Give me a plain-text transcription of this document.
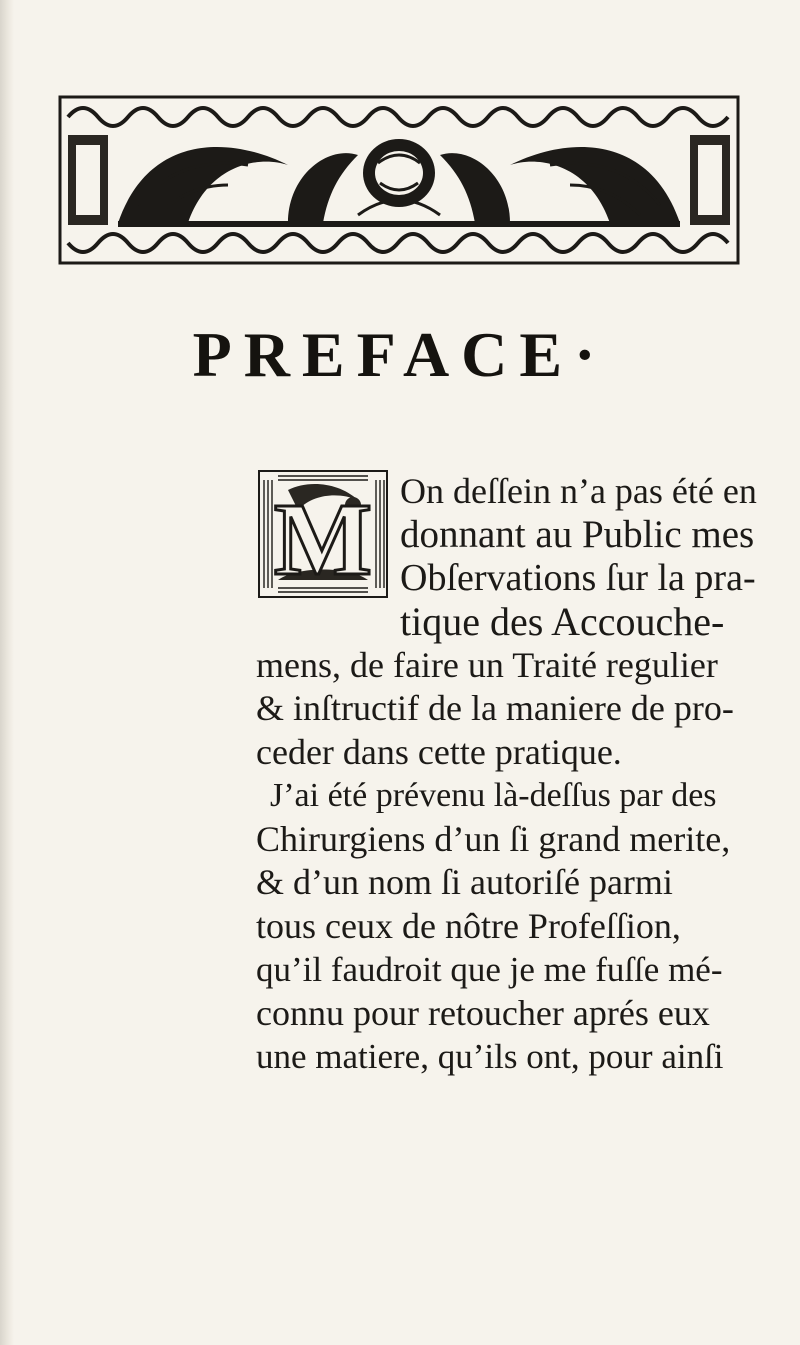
PREFACE·
M On deſſein n’a pas été en
donnant au Public mes
Obſervations ſur la pra-
tique des Accouche-
mens, de faire un Traité regulier
& inſtructif de la maniere de pro-
ceder dans cette pratique.
J’ai été prévenu là-deſſus par des
Chirurgiens d’un ſi grand merite,
& d’un nom ſi autoriſé parmi
tous ceux de nôtre Profeſſion,
qu’il faudroit que je me fuſſe mé-
connu pour retoucher aprés eux
une matiere, qu’ils ont, pour ainſi
